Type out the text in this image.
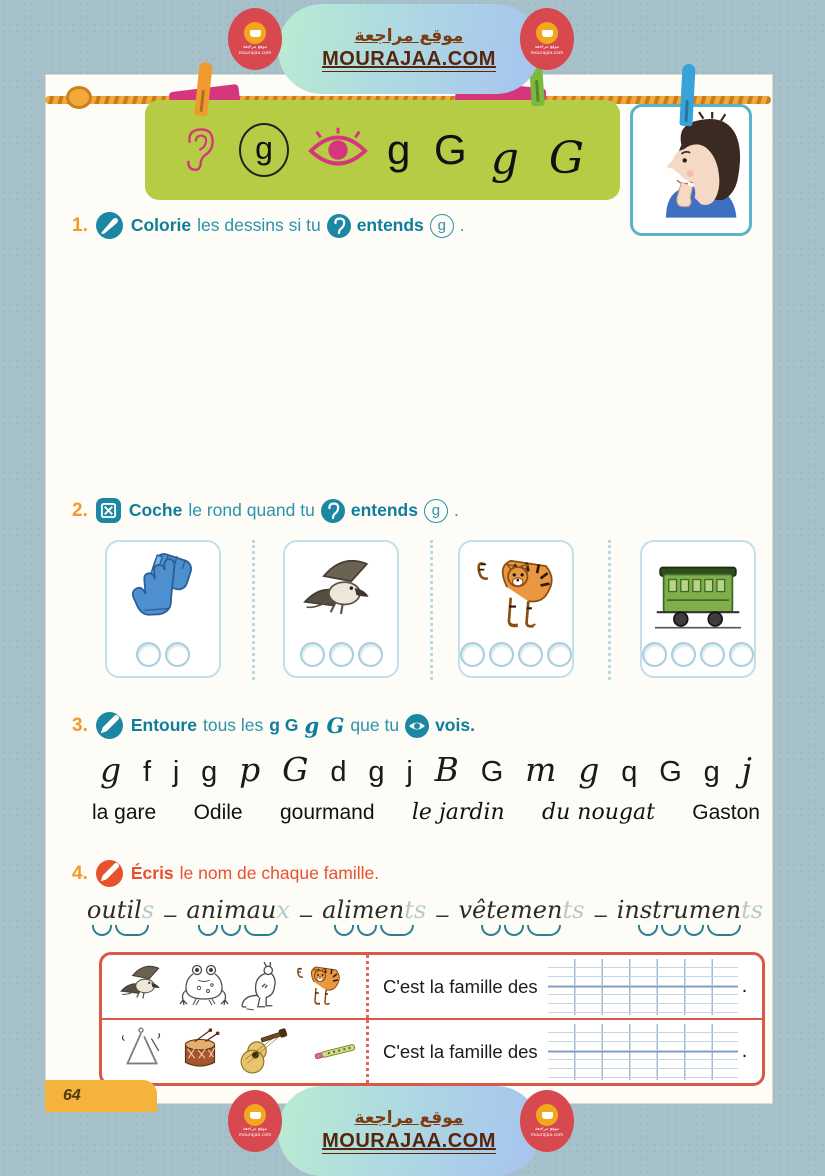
موقع مراجعة
MOURAJAA.COM
موقع مراجعة
mourajaa.com
موقع مراجعة
mourajaa.com
g	g G g G
1. Colorie les dessins si tu entends g .
2. Coche le rond quand tu entends g .
3. Entoure tous les g G g G que tu vois.
g f j g p G d g j B G m g q G g j
la gare Odile gourmand le jardin du nougat Gaston
4. Écris le nom de chaque famille.
outils – animaux – aliments – vêtements – instruments
C'est la famille des	.
C'est la famille des	.
64
موقع مراجعة
MOURAJAA.COM
موقع مراجعة
mourajaa.com
موقع مراجعة
mourajaa.com
